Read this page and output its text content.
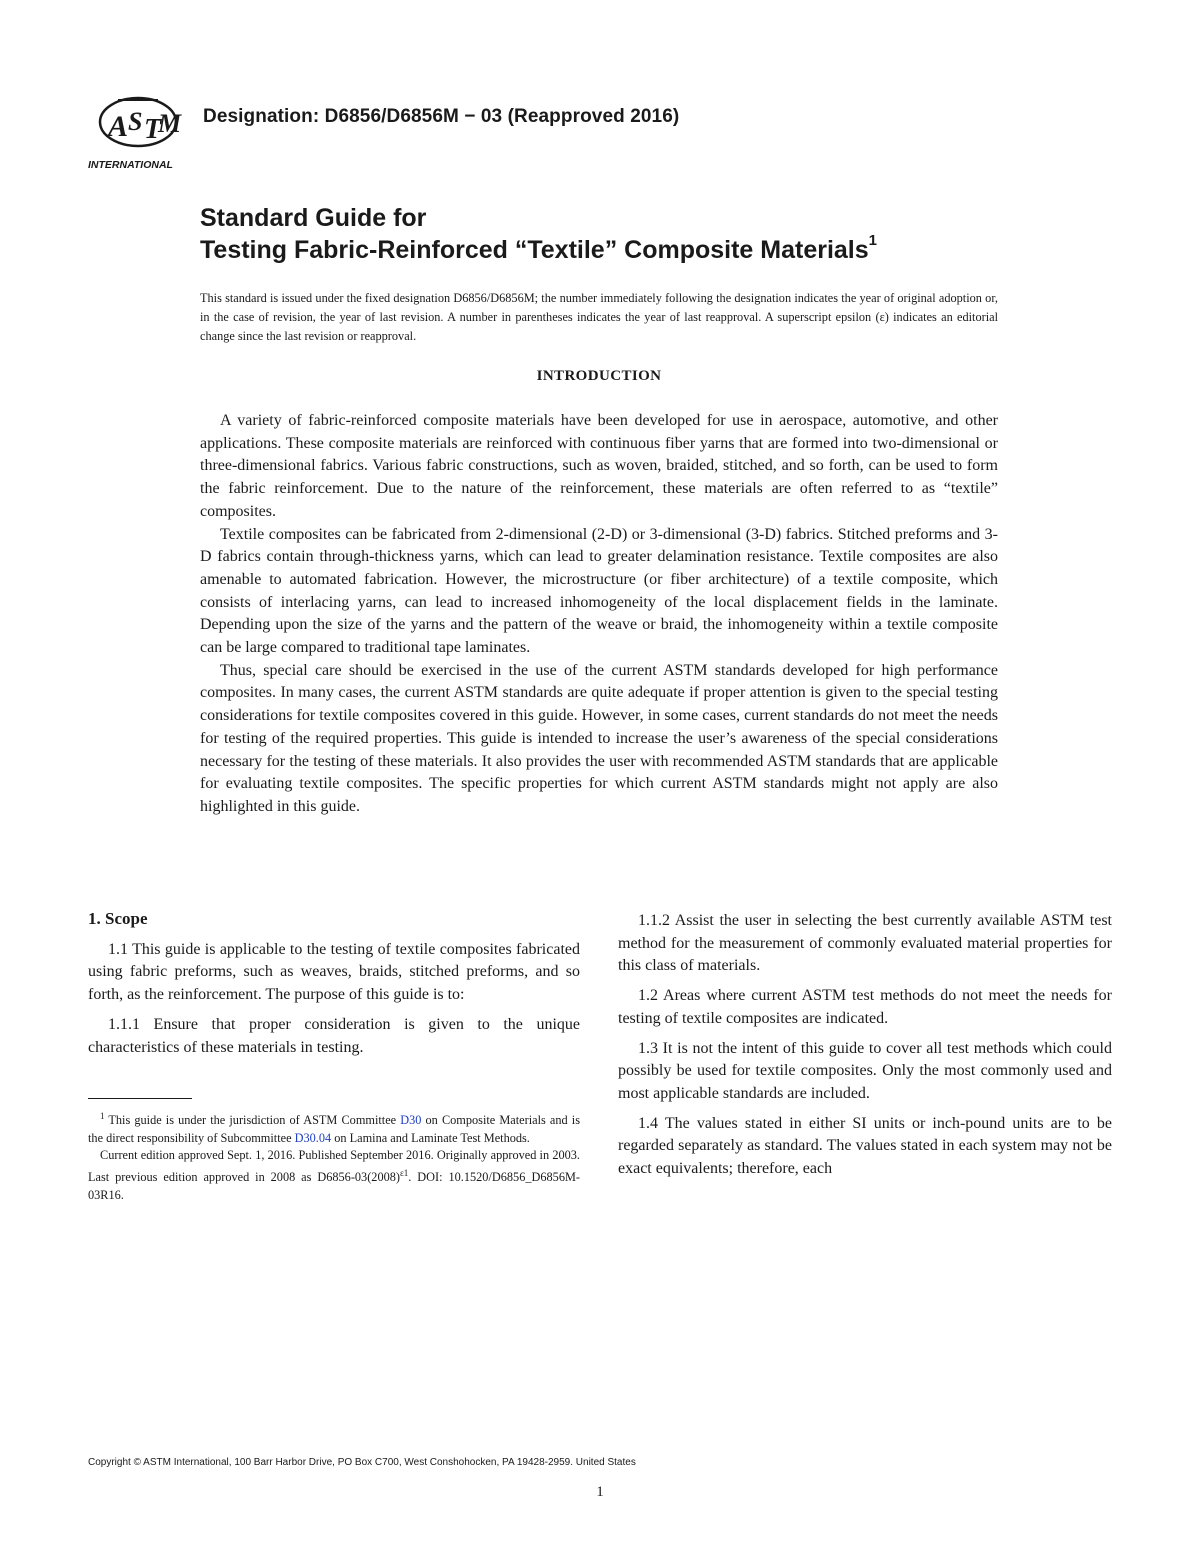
A S T
M
INTERNATIONAL
Designation: D6856/D6856M − 03 (Reapproved 2016)
Standard Guide for
Testing Fabric-Reinforced “Textile” Composite Materials$^1$
This standard is issued under the fixed designation D6856/D6856M; the number immediately following the designation indicates the year of original adoption or, in the case of revision, the year of last revision. A number in parentheses indicates the year of last reapproval. A superscript epsilon (ε) indicates an editorial change since the last revision or reapproval.
INTRODUCTION

A variety of fabric-reinforced composite materials have been developed for use in aerospace, automotive, and other applications. These composite materials are reinforced with continuous fiber yarns that are formed into two-dimensional or three-dimensional fabrics. Various fabric constructions, such as woven, braided, stitched, and so forth, can be used to form the fabric reinforcement. Due to the nature of the reinforcement, these materials are often referred to as “textile” composites.

Textile composites can be fabricated from 2-dimensional (2-D) or 3-dimensional (3-D) fabrics. Stitched preforms and 3-D fabrics contain through-thickness yarns, which can lead to greater delamination resistance. Textile composites are also amenable to automated fabrication. However, the microstructure (or fiber architecture) of a textile composite, which consists of interlacing yarns, can lead to increased inhomogeneity of the local displacement fields in the laminate. Depending upon the size of the yarns and the pattern of the weave or braid, the inhomogeneity within a textile composite can be large compared to traditional tape laminates.

Thus, special care should be exercised in the use of the current ASTM standards developed for high performance composites. In many cases, the current ASTM standards are quite adequate if proper attention is given to the special testing considerations for textile composites covered in this guide. However, in some cases, current standards do not meet the needs for testing of the required properties. This guide is intended to increase the user’s awareness of the special considerations necessary for the testing of these materials. It also provides the user with recommended ASTM standards that are applicable for evaluating textile composites. The specific properties for which current ASTM standards might not apply are also highlighted in this guide.

1. Scope

1.1 This guide is applicable to the testing of textile composites fabricated using fabric preforms, such as weaves, braids, stitched preforms, and so forth, as the reinforcement. The purpose of this guide is to:

1.1.1 Ensure that proper consideration is given to the unique characteristics of these materials in testing.

1.1.2 Assist the user in selecting the best currently available ASTM test method for the measurement of commonly evaluated material properties for this class of materials.

1.2 Areas where current ASTM test methods do not meet the needs for testing of textile composites are indicated.

1.3 It is not the intent of this guide to cover all test methods which could possibly be used for textile composites. Only the most commonly used and most applicable standards are included.

1.4 The values stated in either SI units or inch-pound units are to be regarded separately as standard. The values stated in each system may not be exact equivalents; therefore, each

$^1$ This guide is under the jurisdiction of ASTM Committee D30 on Composite Materials and is the direct responsibility of Subcommittee D30.04 on Lamina and Laminate Test Methods.

Current edition approved Sept. 1, 2016. Published September 2016. Originally approved in 2003. Last previous edition approved in 2008 as $D6856-03(2008)^{\varepsilon 1}$. DOI: 10.1520/D6856_D6856M-03R16.

Copyright © ASTM International, 100 Barr Harbor Drive, PO Box C700, West Conshohocken, PA 19428-2959. United States
1
